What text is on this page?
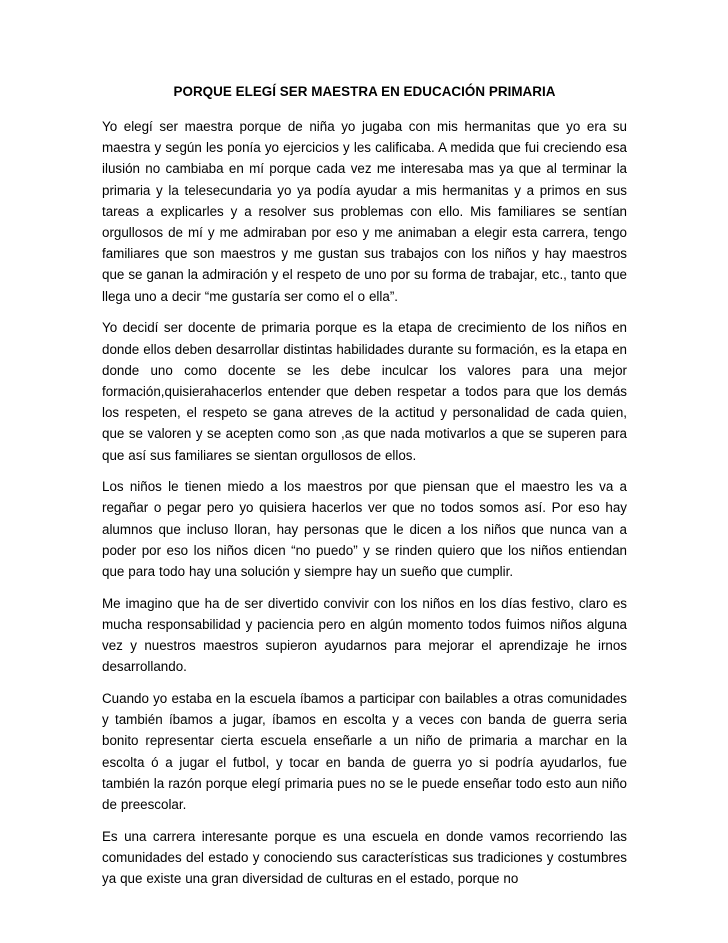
PORQUE ELEGÍ SER MAESTRA EN EDUCACIÓN PRIMARIA

Yo elegí ser maestra porque de niña yo jugaba con mis hermanitas que yo era su maestra y según les ponía yo ejercicios y les calificaba. A medida que fui creciendo esa ilusión no cambiaba en mí porque cada vez me interesaba mas ya que al terminar la primaria y la telesecundaria yo ya podía ayudar a mis hermanitas y a primos en sus tareas a explicarles y a resolver sus problemas con ello. Mis familiares se sentían orgullosos de mí y me admiraban por eso y me animaban a elegir esta carrera, tengo familiares que son maestros y me gustan sus trabajos con los niños y hay maestros que se ganan la admiración y el respeto de uno por su forma de trabajar, etc., tanto que llega uno a decir “me gustaría ser como el o ella”.

Yo decidí ser docente de primaria porque es la etapa de crecimiento de los niños en donde ellos deben desarrollar distintas habilidades durante su formación, es la etapa en donde uno como docente se les debe inculcar los valores para una mejor formación,quisierahacerlos entender que deben respetar a todos para que los demás los respeten, el respeto se gana atreves de la actitud y personalidad de cada quien, que se valoren y se acepten como son ,as que nada motivarlos a que se superen para que así sus familiares se sientan orgullosos de ellos.

Los niños le tienen miedo a los maestros por que piensan que el maestro les va a regañar o pegar pero yo quisiera hacerlos ver que no todos somos así. Por eso hay alumnos que incluso lloran, hay personas que le dicen a los niños que nunca van a poder por eso los niños dicen “no puedo” y se rinden quiero que los niños entiendan que para todo hay una solución y siempre hay un sueño que cumplir.

Me imagino que ha de ser divertido convivir con los niños en los días festivo, claro es mucha responsabilidad y paciencia pero en algún momento todos fuimos niños alguna vez y nuestros maestros supieron ayudarnos para mejorar el aprendizaje he irnos desarrollando.

Cuando yo estaba en la escuela íbamos a participar con bailables a otras comunidades y también íbamos a jugar, íbamos en escolta y a veces con banda de guerra seria bonito representar cierta escuela enseñarle a un niño de primaria a marchar en la escolta ó a jugar el futbol, y tocar en banda de guerra yo si podría ayudarlos, fue también la razón porque elegí primaria pues no se le puede enseñar todo esto aun niño de preescolar.

Es una carrera interesante porque es una escuela en donde vamos recorriendo las comunidades del estado y conociendo sus características sus tradiciones y costumbres ya que existe una gran diversidad de culturas en el estado, porque no
